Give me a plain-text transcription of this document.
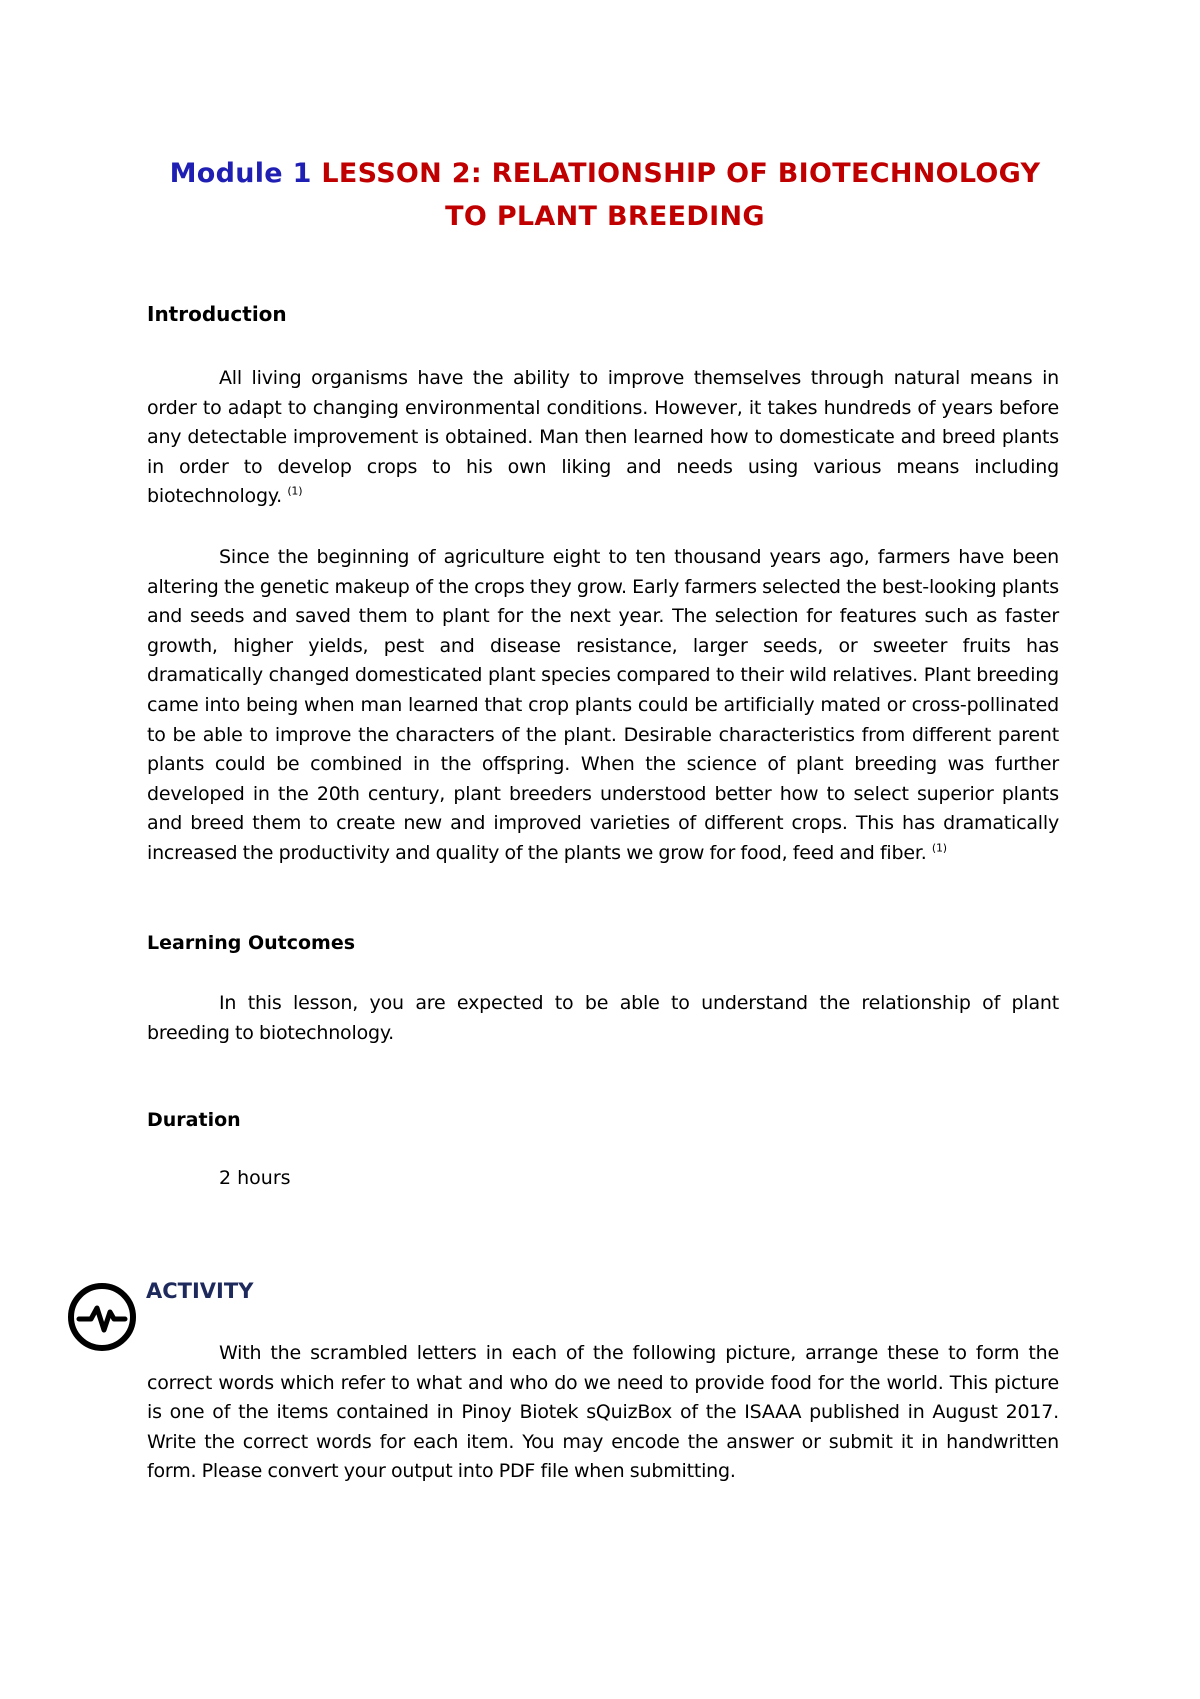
Module 1 LESSON 2: RELATIONSHIP OF BIOTECHNOLOGY
TO PLANT BREEDING
Introduction
All living organisms have the ability to improve themselves through natural means in order to adapt to changing environmental conditions. However, it takes hundreds of years before any detectable improvement is obtained. Man then learned how to domesticate and breed plants in order to develop crops to his own liking and needs using various means including biotechnology. $^{(1)}$
Since the beginning of agriculture eight to ten thousand years ago, farmers have been altering the genetic makeup of the crops they grow. Early farmers selected the best-looking plants and seeds and saved them to plant for the next year. The selection for features such as faster growth, higher yields, pest and disease resistance, larger seeds, or sweeter fruits has dramatically changed domesticated plant species compared to their wild relatives. Plant breeding came into being when man learned that crop plants could be artificially mated or cross-pollinated to be able to improve the characters of the plant. Desirable characteristics from different parent plants could be combined in the offspring. When the science of plant breeding was further developed in the 20th century, plant breeders understood better how to select superior plants and breed them to create new and improved varieties of different crops. This has dramatically increased the productivity and quality of the plants we grow for food, feed and fiber. $^{(1)}$
Learning Outcomes
In this lesson, you are expected to be able to understand the relationship of plant breeding to biotechnology.
Duration
2 hours
ACTIVITY
With the scrambled letters in each of the following picture, arrange these to form the correct words which refer to what and who do we need to provide food for the world. This picture is one of the items contained in Pinoy Biotek sQuizBox of the ISAAA published in August 2017. Write the correct words for each item. You may encode the answer or submit it in handwritten form. Please convert your output into PDF file when submitting.
